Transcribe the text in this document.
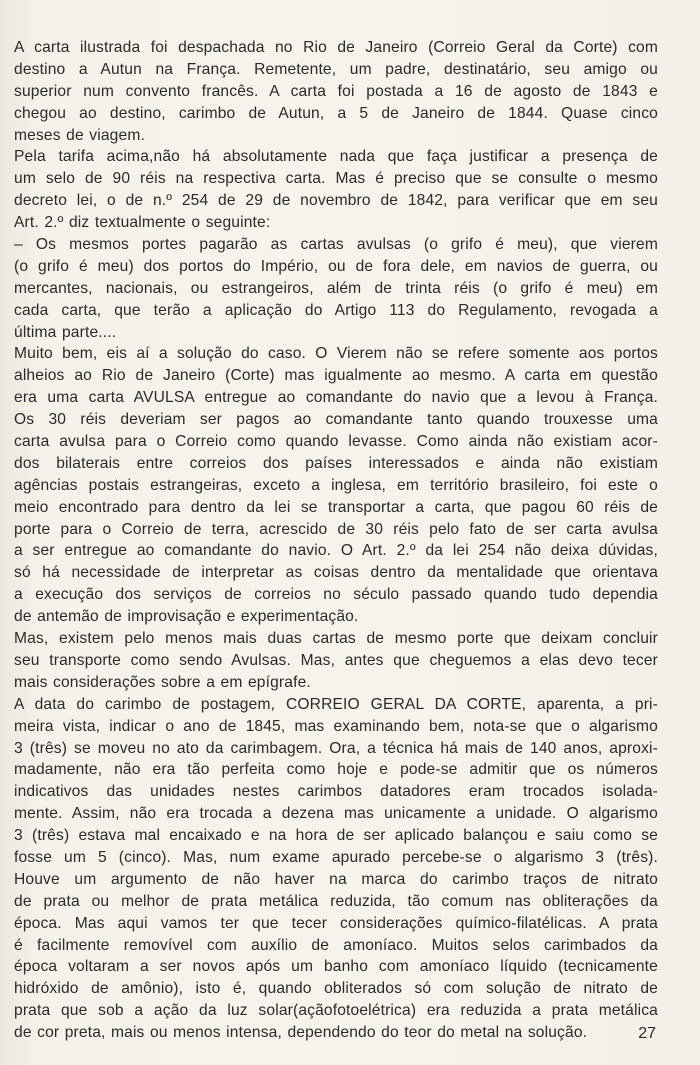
A carta ilustrada foi despachada no Rio de Janeiro (Correio Geral da Corte) com
destino a Autun na França. Remetente, um padre, destinatário, seu amigo ou
superior num convento francês. A carta foi postada a 16 de agosto de 1843 e
chegou ao destino, carimbo de Autun, a 5 de Janeiro de 1844. Quase cinco
meses de viagem.
Pela tarifa acima,não há absolutamente nada que faça justificar a presença de
um selo de 90 réis na respectiva carta. Mas é preciso que se consulte o mesmo
decreto lei, o de n.º 254 de 29 de novembro de 1842, para verificar que em seu
Art. 2.º diz textualmente o seguinte:
– Os mesmos portes pagarão as cartas avulsas (o grifo é meu), que vierem
(o grifo é meu) dos portos do Império, ou de fora dele, em navios de guerra, ou
mercantes, nacionais, ou estrangeiros, além de trinta réis (o grifo é meu) em
cada carta, que terão a aplicação do Artigo 113 do Regulamento, revogada a
última parte....
Muito bem, eis aí a solução do caso. O Vierem não se refere somente aos portos
alheios ao Rio de Janeiro (Corte) mas igualmente ao mesmo. A carta em questão
era uma carta AVULSA entregue ao comandante do navio que a levou à França.
Os 30 réis deveriam ser pagos ao comandante tanto quando trouxesse uma
carta avulsa para o Correio como quando levasse. Como ainda não existiam acor-
dos bilaterais entre correios dos países interessados e ainda não existiam
agências postais estrangeiras, exceto a inglesa, em território brasileiro, foi este o
meio encontrado para dentro da lei se transportar a carta, que pagou 60 réis de
porte para o Correio de terra, acrescido de 30 réis pelo fato de ser carta avulsa
a ser entregue ao comandante do navio. O Art. 2.º da lei 254 não deixa dúvidas,
só há necessidade de interpretar as coisas dentro da mentalidade que orientava
a execução dos serviços de correios no século passado quando tudo dependia
de antemão de improvisação e experimentação.
Mas, existem pelo menos mais duas cartas de mesmo porte que deixam concluir
seu transporte como sendo Avulsas. Mas, antes que cheguemos a elas devo tecer
mais considerações sobre a em epígrafe.
A data do carimbo de postagem, CORREIO GERAL DA CORTE, aparenta, a pri-
meira vista, indicar o ano de 1845, mas examinando bem, nota-se que o algarismo
3 (três) se moveu no ato da carimbagem. Ora, a técnica há mais de 140 anos, aproxi-
madamente, não era tão perfeita como hoje e pode-se admitir que os números
indicativos das unidades nestes carimbos datadores eram trocados isolada-
mente. Assim, não era trocada a dezena mas unicamente a unidade. O algarismo
3 (três) estava mal encaixado e na hora de ser aplicado balançou e saiu como se
fosse um 5 (cinco). Mas, num exame apurado percebe-se o algarismo 3 (três).
Houve um argumento de não haver na marca do carimbo traços de nitrato
de prata ou melhor de prata metálica reduzida, tão comum nas obliterações da
época. Mas aqui vamos ter que tecer considerações químico-filatélicas. A prata
é facilmente removível com auxílio de amoníaco. Muitos selos carimbados da
época voltaram a ser novos após um banho com amoníaco líquido (tecnicamente
hidróxido de amônio), isto é, quando obliterados só com solução de nitrato de
prata que sob a ação da luz solar(açãofotoelétrica) era reduzida a prata metálica
de cor preta, mais ou menos intensa, dependendo do teor do metal na solução.	27
